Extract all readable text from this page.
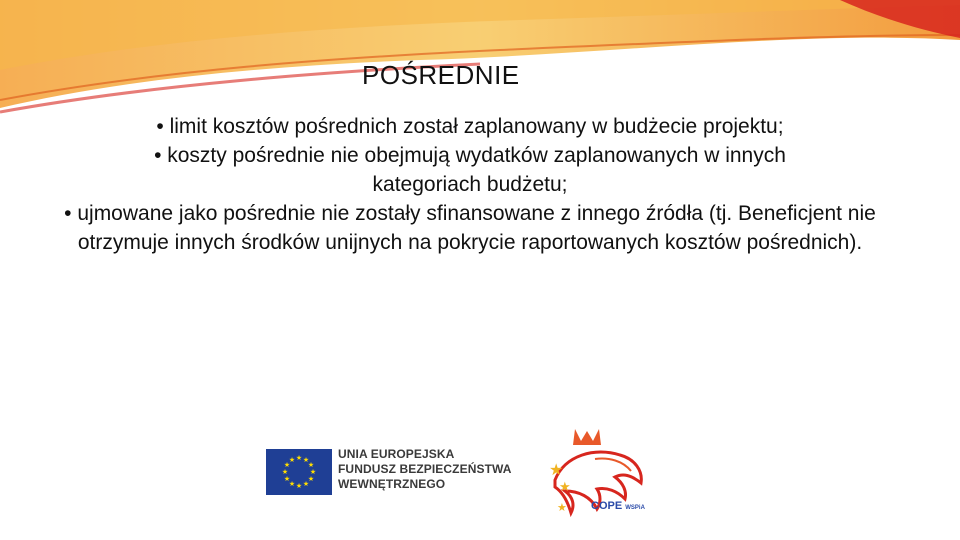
POŚREDNIE
• limit kosztów pośrednich został zaplanowany w budżecie projektu;
• koszty pośrednie nie obejmują wydatków zaplanowanych w innych kategoriach budżetu;
• ujmowane jako pośrednie nie zostały sfinansowane z innego źródła (tj. Beneficjent nie otrzymuje innych środków unijnych na pokrycie raportowanych kosztów pośrednich).
★ ★
★
★
★
★
★
★
★
★
★
★	UNIA EUROPEJSKA
FUNDUSZ BEZPIECZEŃSTWA
WEWNĘTRZNEGO
★
★
★ COPE WSPiA
